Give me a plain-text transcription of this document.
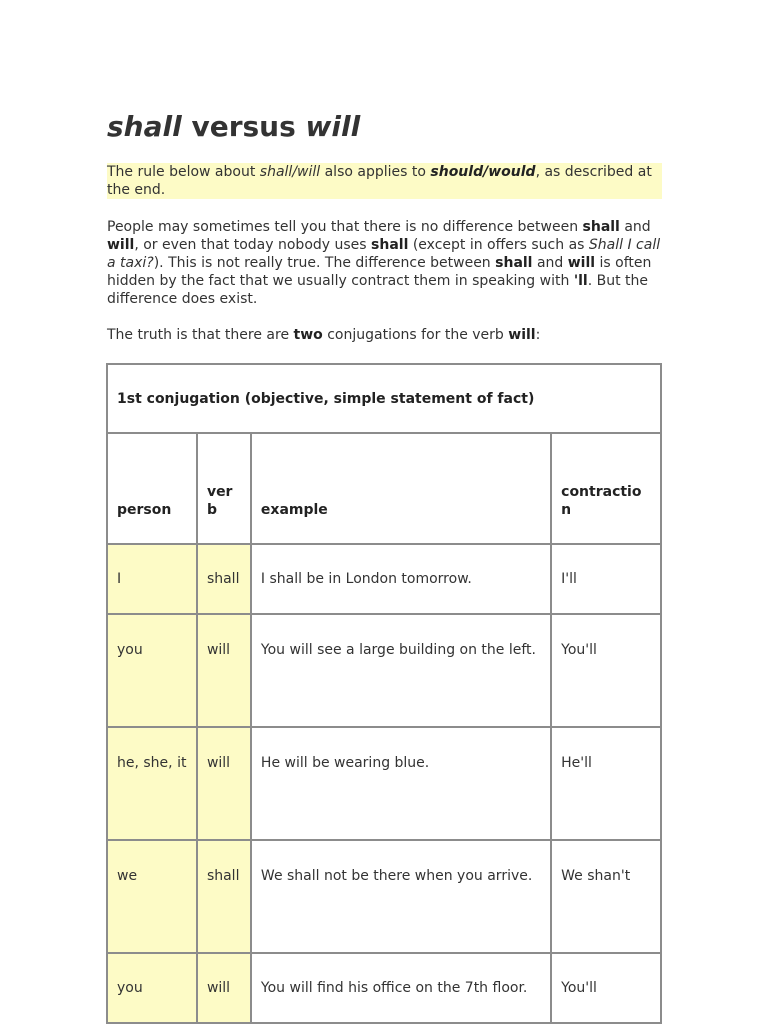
shall versus will
The rule below about shall/will also applies to should/would, as described at the end.
People may sometimes tell you that there is no difference between shall and will, or even that today nobody uses shall (except in offers such as Shall I call a taxi?). This is not really true. The difference between shall and will is often hidden by the fact that we usually contract them in speaking with 'll. But the difference does exist.
The truth is that there are two conjugations for the verb will:
1st conjugation (objective, simple statement of fact)			
person	verb	example	contraction
I	shall	I shall be in London tomorrow.	I'll
you	will	You will see a large building on the left.	You'll
he, she, it	will	He will be wearing blue.	He'll
we	shall	We shall not be there when you arrive.	We shan't
you	will	You will find his office on the 7th floor.	You'll
